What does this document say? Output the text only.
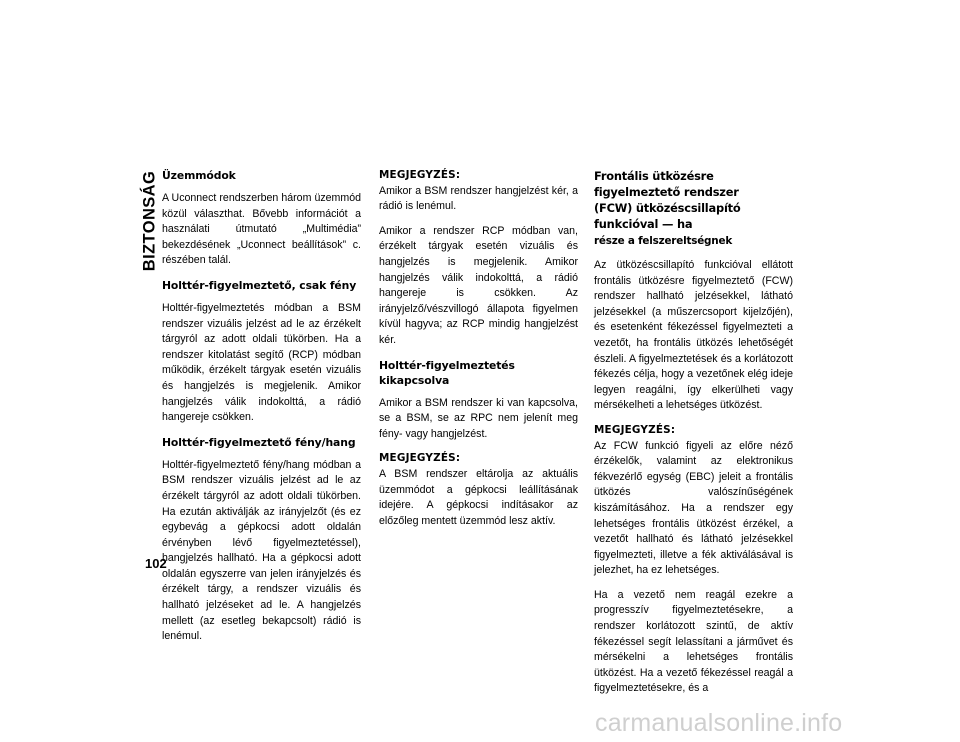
BIZTONSÁG Üzemmódok

A Uconnect rendszerben három üzemmód közül választhat. Bővebb információt a használati útmutató „Multimédia” bekezdésének „Uconnect beállítások” c. részében talál.

Holttér-figyelmeztető, csak fény

Holttér-figyelmeztetés módban a BSM rendszer vizuális jelzést ad le az érzékelt tárgyról az adott oldali tükörben. Ha a rendszer kitolatást segítő (RCP) módban működik, érzékelt tárgyak esetén vizuális és hangjelzés is megjelenik. Amikor hangjelzés válik indokolttá, a rádió hangereje csökken.

Holttér-figyelmeztető fény/hang

Holttér-figyelmeztető fény/hang módban a BSM rendszer vizuális jelzést ad le az érzékelt tárgyról az adott oldali tükörben. Ha ezután aktiválják az irányjelzőt (és ez egybevág a gépkocsi adott oldalán érvényben lévő figyelmeztetéssel), hangjelzés hallható. Ha a gépkocsi adott oldalán egyszerre van jelen irányjelzés és érzékelt tárgy, a rendszer vizuális és hallható jelzéseket ad le. A hangjelzés mellett (az esetleg bekapcsolt) rádió is lenémul.

MEGJEGYZÉS:
Amikor a BSM rendszer hangjelzést kér, a rádió is lenémul.

Amikor a rendszer RCP módban van, érzékelt tárgyak esetén vizuális és hangjelzés is megjelenik. Amikor hangjelzés válik indokolttá, a rádió hangereje is csökken. Az irányjelző/vészvillogó állapota figyelmen kívül hagyva; az RCP mindig hangjelzést kér.

Holttér-figyelmeztetés kikapcsolva

Amikor a BSM rendszer ki van kapcsolva, se a BSM, se az RPC nem jelenít meg fény- vagy hangjelzést.

MEGJEGYZÉS:
A BSM rendszer eltárolja az aktuális üzemmódot a gépkocsi leállításának idejére. A gépkocsi indításakor az előzőleg mentett üzemmód lesz aktív.

Frontális ütközésre figyelmeztető rendszer
(FCW) ütközéscsillapító funkcióval — ha
része a felszereltségnek

Az ütközéscsillapító funkcióval ellátott frontális ütközésre figyelmeztető (FCW) rendszer hallható jelzésekkel, látható jelzésekkel (a műszercsoport kijelzőjén), és esetenként fékezéssel figyelmezteti a vezetőt, ha frontális ütközés lehetőségét észleli. A figyelmeztetések és a korlátozott fékezés célja, hogy a vezetőnek elég ideje legyen reagálni, így elkerülheti vagy mérsékelheti a lehetséges ütközést.

MEGJEGYZÉS:
Az FCW funkció figyeli az előre néző érzékelők, valamint az elektronikus fékvezérlő egység (EBC) jeleit a frontális ütközés valószínűségének kiszámításához. Ha a rendszer egy lehetséges frontális ütközést érzékel, a vezetőt hallható és látható jelzésekkel figyelmezteti, illetve a fék aktiválásával is jelezhet, ha ez lehetséges.

Ha a vezető nem reagál ezekre a progresszív figyelmeztetésekre, a rendszer korlátozott szintű, de aktív fékezéssel segít lelassítani a járművet és mérsékelni a lehetséges frontális ütközést. Ha a vezető fékezéssel reagál a figyelmeztetésekre, és a

102
carmanualsonline.info
